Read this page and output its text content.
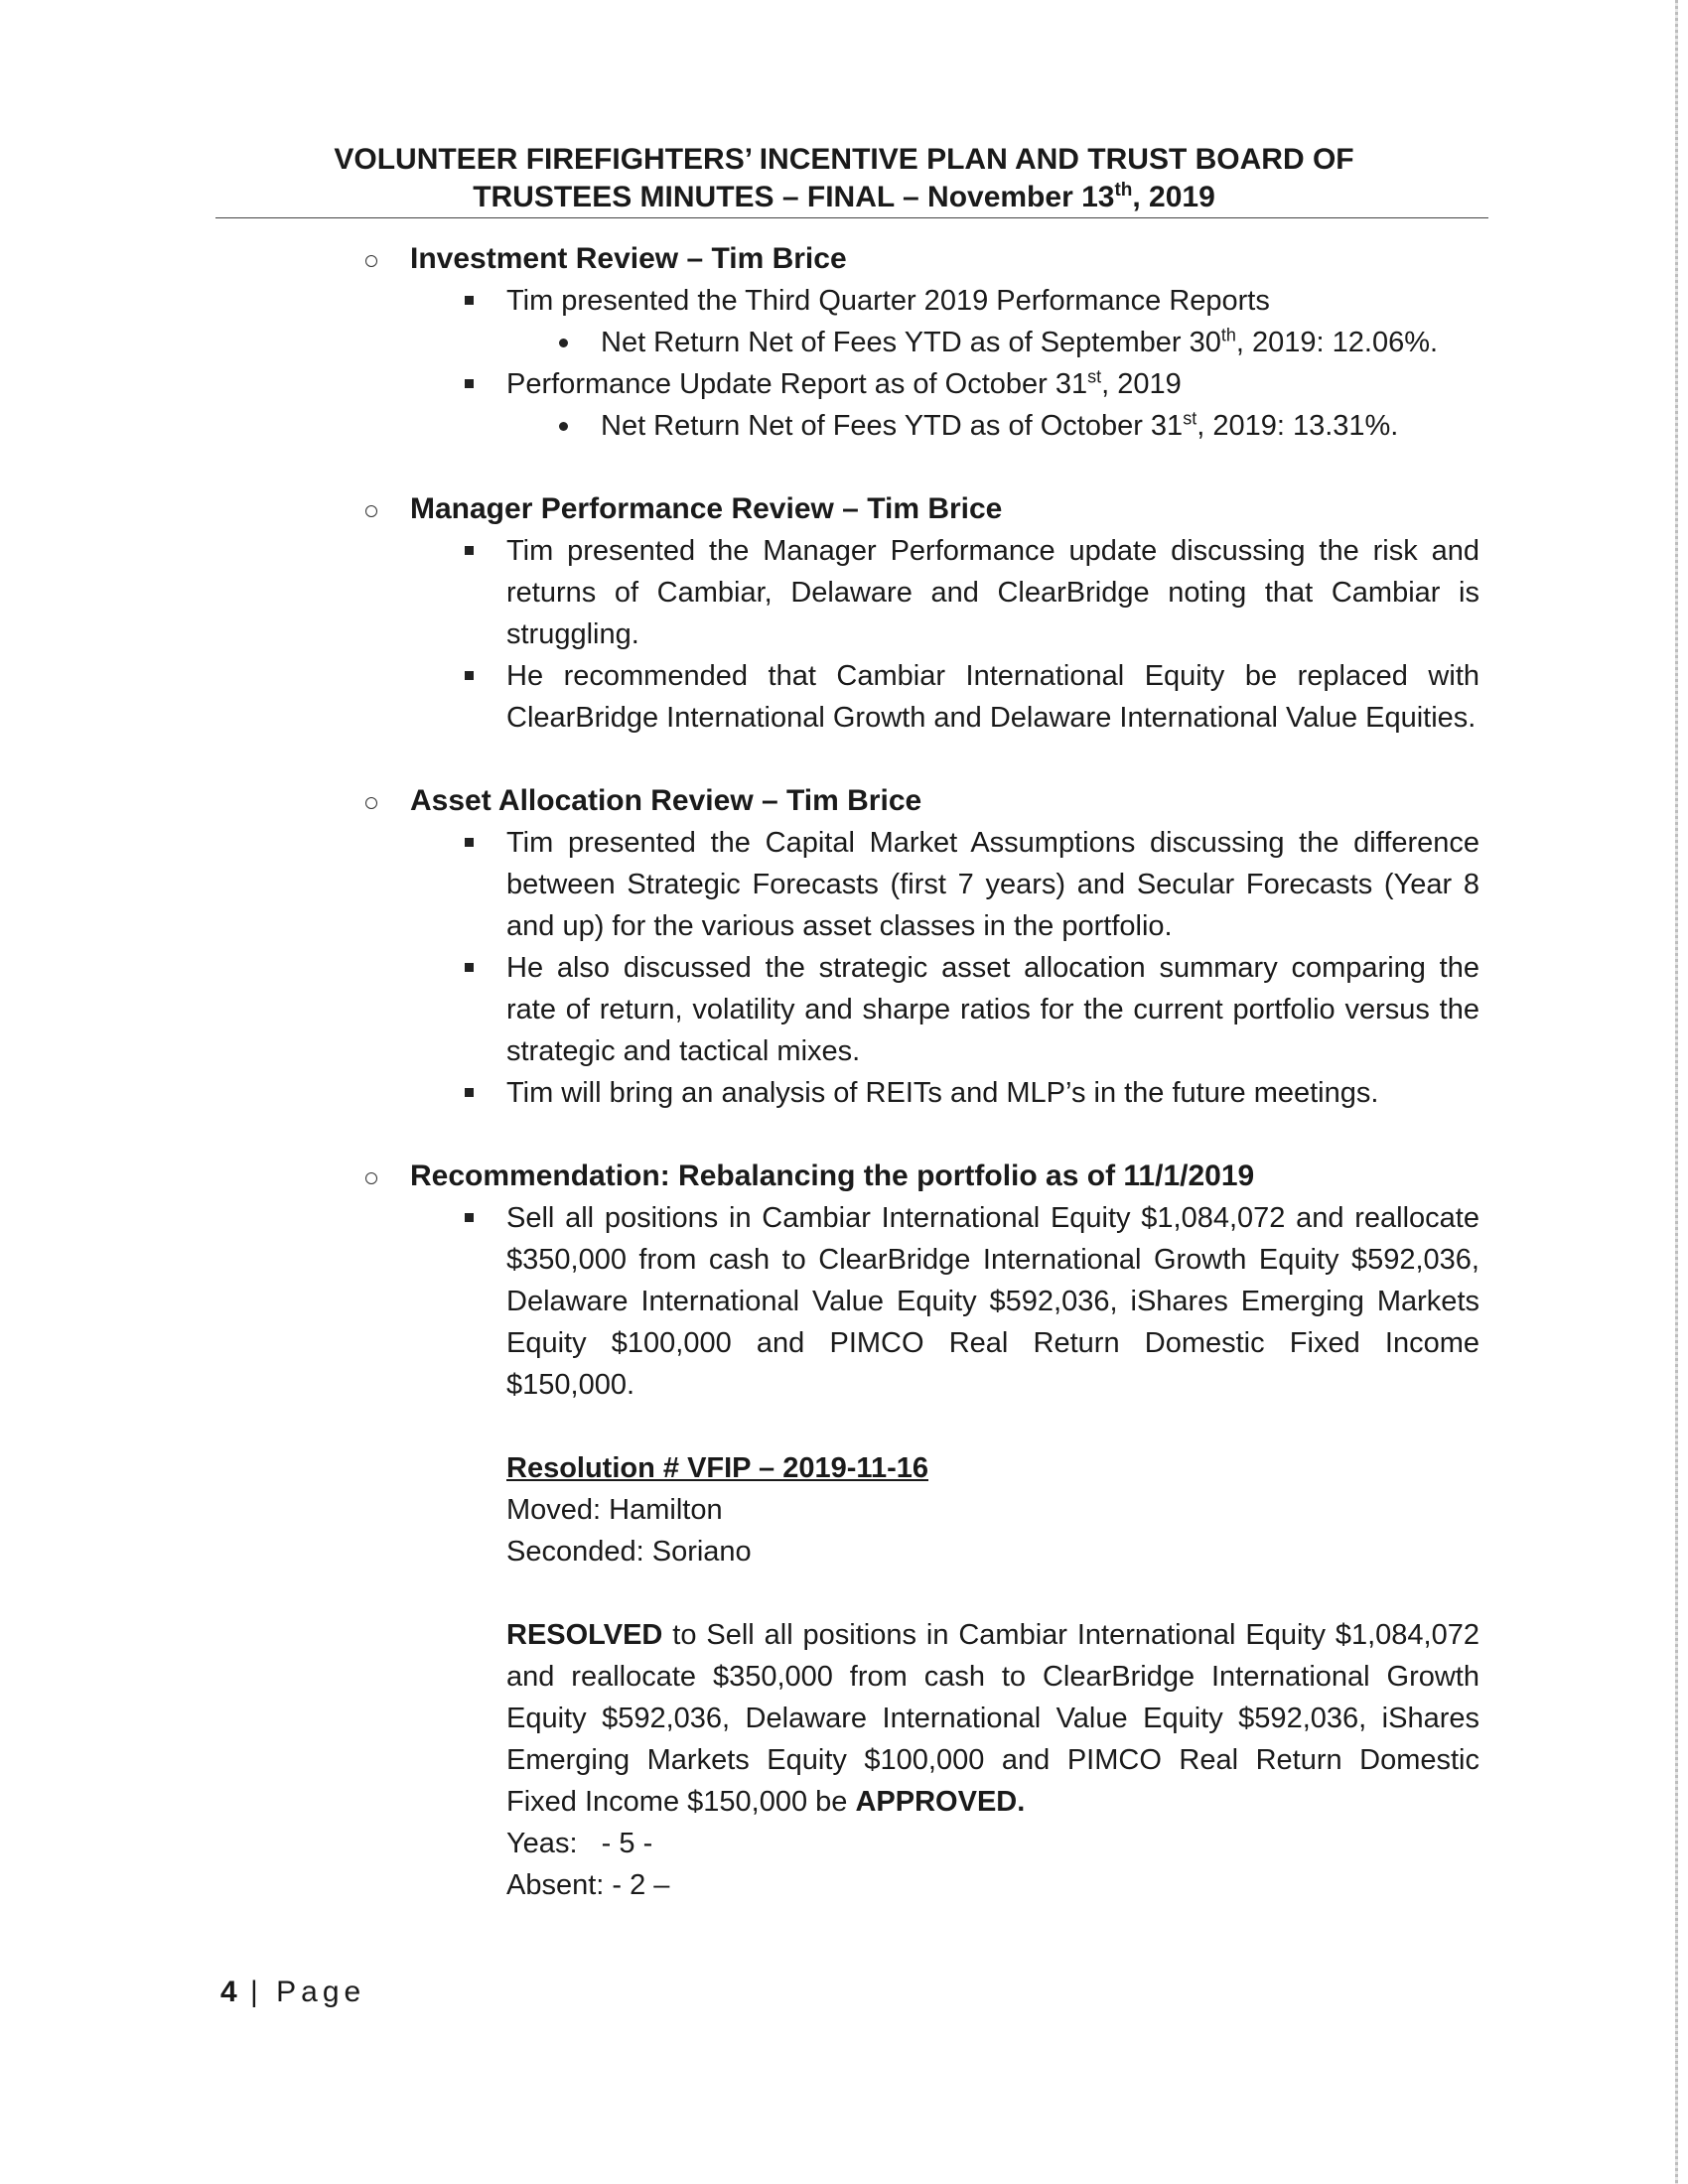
VOLUNTEER FIREFIGHTERS’ INCENTIVE PLAN AND TRUST BOARD OF
TRUSTEES MINUTES – FINAL – November 13th, 2019
Investment Review – Tim Brice
Tim presented the Third Quarter 2019 Performance Reports
Net Return Net of Fees YTD as of September 30th, 2019: 12.06%.
Performance Update Report as of October 31st, 2019
Net Return Net of Fees YTD as of October 31st, 2019: 13.31%.
Manager Performance Review – Tim Brice
Tim presented the Manager Performance update discussing the risk and returns of Cambiar, Delaware and ClearBridge noting that Cambiar is struggling.
He recommended that Cambiar International Equity be replaced with ClearBridge International Growth and Delaware International Value Equities.
Asset Allocation Review – Tim Brice
Tim presented the Capital Market Assumptions discussing the difference between Strategic Forecasts (first 7 years) and Secular Forecasts (Year 8 and up) for the various asset classes in the portfolio.
He also discussed the strategic asset allocation summary comparing the rate of return, volatility and sharpe ratios for the current portfolio versus the strategic and tactical mixes.
Tim will bring an analysis of REITs and MLP’s in the future meetings.
Recommendation: Rebalancing the portfolio as of 11/1/2019
Sell all positions in Cambiar International Equity $1,084,072 and reallocate $350,000 from cash to ClearBridge International Growth Equity $592,036, Delaware International Value Equity $592,036, iShares Emerging Markets Equity $100,000 and PIMCO Real Return Domestic Fixed Income $150,000.
Resolution # VFIP – 2019-11-16
Moved: Hamilton
Seconded: Soriano
RESOLVED to Sell all positions in Cambiar International Equity $1,084,072 and reallocate $350,000 from cash to ClearBridge International Growth Equity $592,036, Delaware International Value Equity $592,036, iShares Emerging Markets Equity $100,000 and PIMCO Real Return Domestic Fixed Income $150,000 be APPROVED.
Yeas:   - 5 -
Absent: - 2 –
4 | Page
